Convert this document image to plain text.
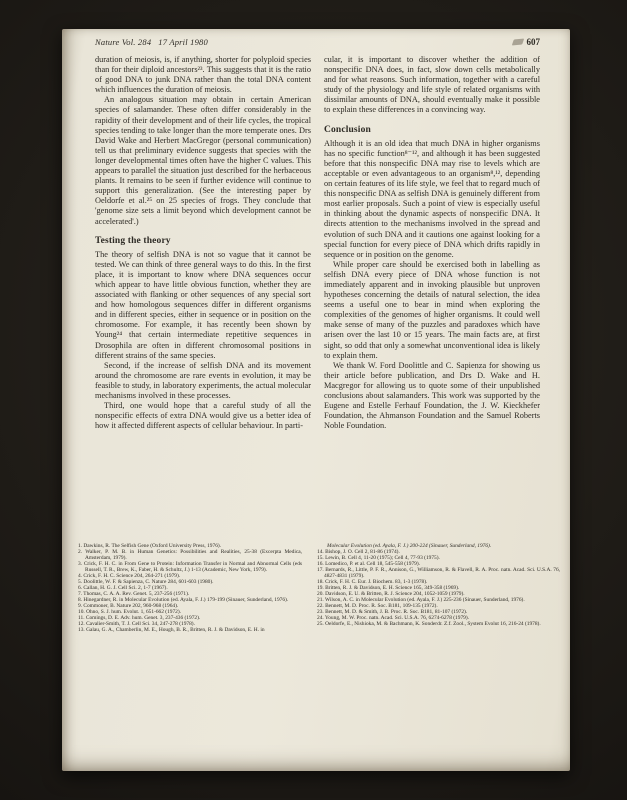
Nature Vol. 284   17 April 1980	607

duration of meiosis, is, if anything, shorter for polyploid species than for their diploid ancestors²³. This suggests that it is the ratio of good DNA to junk DNA rather than the total DNA content which influences the duration of meiosis.

An analogous situation may obtain in certain American species of salamander. These often differ considerably in the rapidity of their development and of their life cycles, the tropical species tending to take longer than the more temperate ones. Drs David Wake and Herbert MacGregor (personal communication) tell us that preliminary evidence suggests that species with the longer developmental times often have the higher C values. This appears to parallel the situation just described for the herbaceous plants. It remains to be seen if further evidence will continue to support this generalization. (See the interesting paper by Oeldorfe et al.²⁵ on 25 species of frogs. They conclude that 'genome size sets a limit beyond which development cannot be accelerated'.)

Testing the theory

The theory of selfish DNA is not so vague that it cannot be tested. We can think of three general ways to do this. In the first place, it is important to know where DNA sequences occur which appear to have little obvious function, whether they are associated with flanking or other sequences of any special sort and how homologous sequences differ in different organisms and in different species, either in sequence or in position on the chromosome. For example, it has recently been shown by Young²⁴ that certain intermediate repetitive sequences in Drosophila are often in different chromosomal positions in different strains of the same species.

Second, if the increase of selfish DNA and its movement around the chromosome are rare events in evolution, it may be feasible to study, in laboratory experiments, the actual molecular mechanisms involved in these processes.

Third, one would hope that a careful study of all the nonspecific effects of extra DNA would give us a better idea of how it affected different aspects of cellular behaviour. In parti-

cular, it is important to discover whether the addition of nonspecific DNA does, in fact, slow down cells metabolically and for what reasons. Such information, together with a careful study of the physiology and life style of related organisms with dissimilar amounts of DNA, should eventually make it possible to explain these differences in a convincing way.

Conclusion

Although it is an old idea that much DNA in higher organisms has no specific function⁸⁻¹², and although it has been suggested before that this nonspecific DNA may rise to levels which are acceptable or even advantageous to an organism⁸,¹², depending on certain features of its life style, we feel that to regard much of this nonspecific DNA as selfish DNA is genuinely different from most earlier proposals. Such a point of view is especially useful in thinking about the dynamic aspects of nonspecific DNA. It directs attention to the mechanisms involved in the spread and evolution of such DNA and it cautions one against looking for a special function for every piece of DNA which drifts rapidly in sequence or in position on the genome.

While proper care should be exercised both in labelling as selfish DNA every piece of DNA whose function is not immediately apparent and in invoking plausible but unproven hypotheses concerning the details of natural selection, the idea seems a useful one to bear in mind when exploring the complexities of the genomes of higher organisms. It could well make sense of many of the puzzles and paradoxes which have arisen over the last 10 or 15 years. The main facts are, at first sight, so odd that only a somewhat unconventional idea is likely to explain them.

We thank W. Ford Doolittle and C. Sapienza for showing us their article before publication, and Drs D. Wake and H. Macgregor for allowing us to quote some of their unpublished conclusions about salamanders. This work was supported by the Eugene and Estelle Ferhauf Foundation, the J. W. Kieckhefer Foundation, the Ahmanson Foundation and the Samuel Roberts Noble Foundation.

1. Dawkins, R. The Selfish Gene (Oxford University Press, 1976).

2. Walker, P. M. B. in Human Genetics: Possibilities and Realities, 25-38 (Excerpta Medica, Amsterdam, 1979).

3. Crick, F. H. C. in From Gene to Protein: Information Transfer in Normal and Abnormal Cells (eds Russell, T. R., Brew, K., Faber, H. & Schultz, J.) 1-13 (Academic, New York, 1979).

4. Crick, F. H. C. Science 204, 264-271 (1979).

5. Doolittle, W. F. & Sapienza, C. Nature 284, 601-603 (1980).

6. Callan, H. G. J. Cell Sci. 2, 1-7 (1967).

7. Thomas, C. A. A. Rev. Genet. 5, 237-256 (1971).

8. Hinegardner, R. in Molecular Evolution (ed. Ayala, F. J.) 179-199 (Sinauer, Sunderland, 1976).

9. Commoner, B. Nature 202, 960-968 (1964).

10. Ohno, S. J. hum. Evolut. 1, 651-662 (1972).

11. Comings, D. E. Adv. hum. Genet. 3, 237-436 (1972).

12. Cavalier-Smith, T. J. Cell Sci. 34, 247-278 (1978).

13. Galau, G. A., Chamberlin, M. E., Hough, B. R., Britten, R. J. & Davidson, E. H. in

Molecular Evolution (ed. Ayala, F. J.) 200-224 (Sinauer, Sunderland, 1976).

14. Bishop, J. O. Cell 2, 81-86 (1974).

15. Lewin, B. Cell 4, 11-20 (1975); Cell 4, 77-93 (1975).

16. Lomedico, P. et al. Cell 18, 545-558 (1979).

17. Bernards, R., Little, P. F. R., Annison, G., Williamson, R. & Flavell, R. A. Proc. natn. Acad. Sci. U.S.A. 76, 4827-4831 (1979).

18. Crick, F. H. C. Eur. J. Biochem. 83, 1-3 (1978).

19. Britten, R. J. & Davidson, E. H. Science 165, 349-358 (1969).

20. Davidson, E. U. & Britten, R. J. Science 204, 1052-1059 (1979).

21. Wilson, A. C. in Molecular Evolution (ed. Ayala, F. J.) 225-236 (Sinauer, Sunderland, 1976).

22. Bennett, M. D. Proc. R. Soc. B181, 109-135 (1972).

23. Bennett, M. D. & Smith, J. B. Proc. R. Soc. B181, 81-107 (1972).

24. Young, M. W. Proc. natn. Acad. Sci. U.S.A. 76, 6274-6278 (1979).

25. Oeldorfe, E., Nishioka, M. & Bachmann, K. Sonderdr. Z.f. Zool., System Evolut 16, 216-24 (1978).
